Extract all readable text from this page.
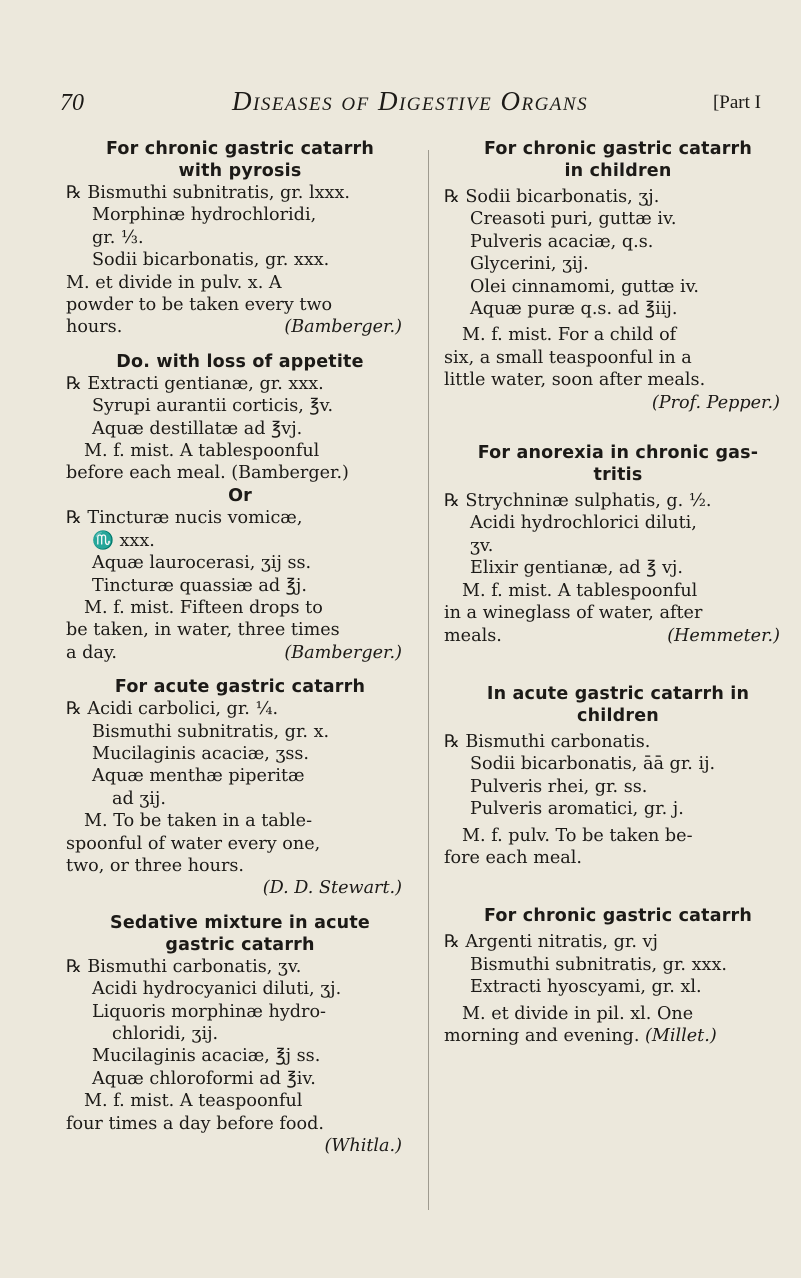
70	Diseases of Digestive Organs	[Part I
For chronic gastric catarrh
with pyrosis
℞ Bismuthi subnitratis, gr. lxxx.
Morphinæ hydrochloridi,
gr. ⅓.
Sodii bicarbonatis, gr. xxx.
M. et divide in pulv. x. A
powder to be taken every two
hours.	(Bamberger.)
Do. with loss of appetite
℞ Extracti gentianæ, gr. xxx.
Syrupi aurantii corticis, ℥v.
Aquæ destillatæ ad ℥vj.
M. f. mist. A tablespoonful
before each meal. (Bamberger.)
Or
℞ Tincturæ nucis vomicæ,
♏ xxx.
Aquæ laurocerasi, ʒij ss.
Tincturæ quassiæ ad ℥j.
M. f. mist. Fifteen drops to
be taken, in water, three times
a day.	(Bamberger.)
For acute gastric catarrh
℞ Acidi carbolici, gr. ¼.
Bismuthi subnitratis, gr. x.
Mucilaginis acaciæ, ʒss.
Aquæ menthæ piperitæ
ad ʒij.
M. To be taken in a table-
spoonful of water every one,
two, or three hours.
(D. D. Stewart.)
Sedative mixture in acute
gastric catarrh
℞ Bismuthi carbonatis, ʒv.
Acidi hydrocyanici diluti, ʒj.
Liquoris morphinæ hydro-
chloridi, ʒij.
Mucilaginis acaciæ, ℥j ss.
Aquæ chloroformi ad ℥iv.
M. f. mist. A teaspoonful
four times a day before food.
(Whitla.)
For chronic gastric catarrh
in children
℞ Sodii bicarbonatis, ʒj.
Creasoti puri, guttæ iv.
Pulveris acaciæ, q.s.
Glycerini, ʒij.
Olei cinnamomi, guttæ iv.
Aquæ puræ q.s. ad ℥iij.
M. f. mist. For a child of
six, a small teaspoonful in a
little water, soon after meals.
(Prof. Pepper.)
For anorexia in chronic gas-
tritis
℞ Strychninæ sulphatis, g. ½.
Acidi hydrochlorici diluti,
ʒv.
Elixir gentianæ, ad ℥ vj.
M. f. mist. A tablespoonful
in a wineglass of water, after
meals.	(Hemmeter.)
In acute gastric catarrh in
children
℞ Bismuthi carbonatis.
Sodii bicarbonatis, āā gr. ij.
Pulveris rhei, gr. ss.
Pulveris aromatici, gr. j.
M. f. pulv. To be taken be-
fore each meal.
For chronic gastric catarrh
℞ Argenti nitratis, gr. vj
Bismuthi subnitratis, gr. xxx.
Extracti hyoscyami, gr. xl.
M. et divide in pil. xl. One
morning and evening. (Millet.)
